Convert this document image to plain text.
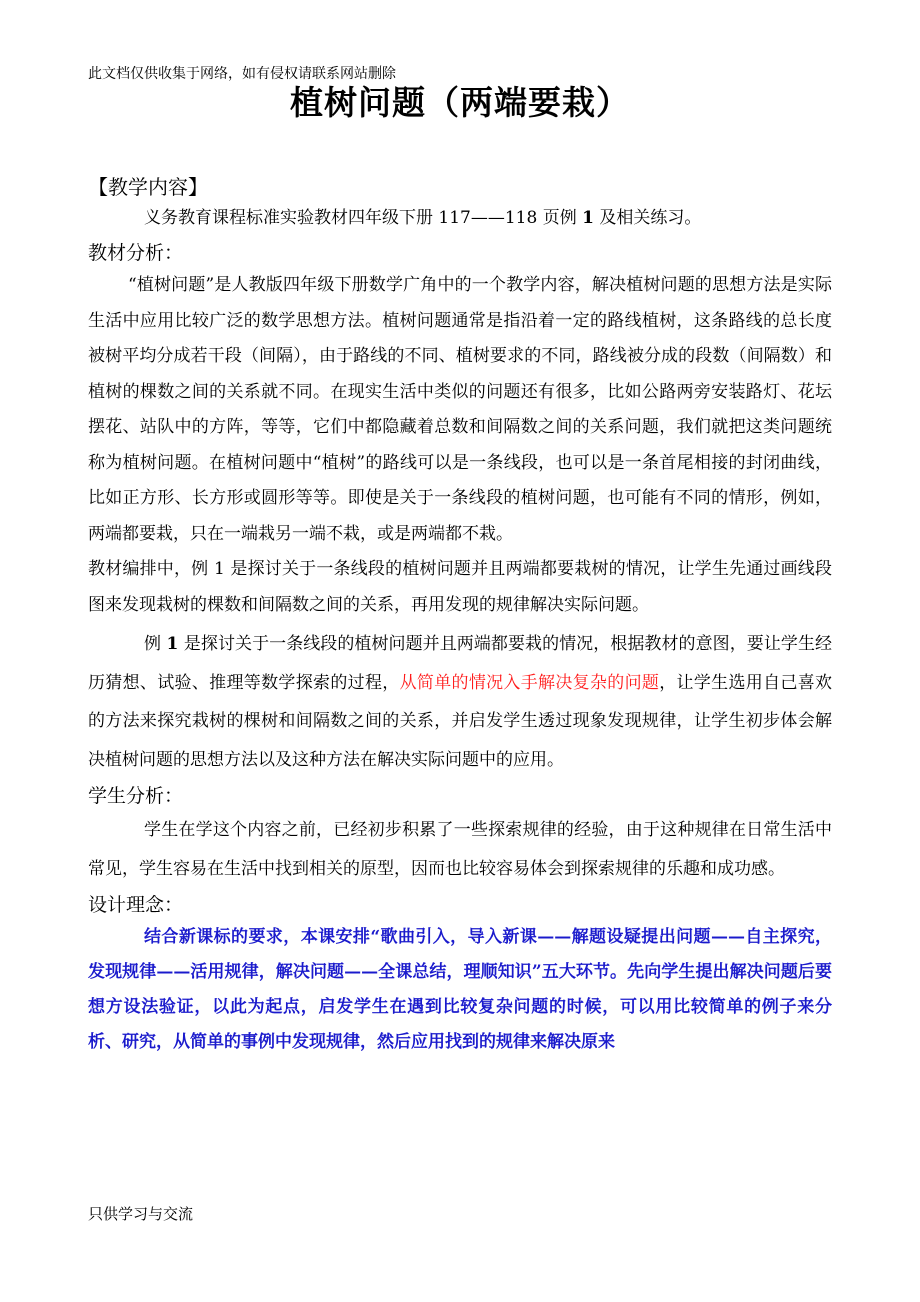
此文档仅供收集于网络，如有侵权请联系网站删除
植树问题（两端要栽）
【教学内容】

义务教育课程标准实验教材四年级下册 117——118 页例 1 及相关练习。

教材分析：

“植树问题”是人教版四年级下册数学广角中的一个教学内容，解决植树问题的思想方法是实际生活中应用比较广泛的数学思想方法。植树问题通常是指沿着一定的路线植树，这条路线的总长度被树平均分成若干段（间隔），由于路线的不同、植树要求的不同，路线被分成的段数（间隔数）和植树的棵数之间的关系就不同。在现实生活中类似的问题还有很多，比如公路两旁安装路灯、花坛摆花、站队中的方阵，等等，它们中都隐藏着总数和间隔数之间的关系问题，我们就把这类问题统称为植树问题。在植树问题中“植树”的路线可以是一条线段，也可以是一条首尾相接的封闭曲线，比如正方形、长方形或圆形等等。即使是关于一条线段的植树问题，也可能有不同的情形，例如，两端都要栽，只在一端栽另一端不栽，或是两端都不栽。

教材编排中，例 1 是探讨关于一条线段的植树问题并且两端都要栽树的情况，让学生先通过画线段图来发现栽树的棵数和间隔数之间的关系，再用发现的规律解决实际问题。

例 1 是探讨关于一条线段的植树问题并且两端都要栽的情况，根据教材的意图，要让学生经历猜想、试验、推理等数学探索的过程，从简单的情况入手解决复杂的问题，让学生选用自己喜欢的方法来探究栽树的棵树和间隔数之间的关系，并启发学生透过现象发现规律，让学生初步体会解决植树问题的思想方法以及这种方法在解决实际问题中的应用。

学生分析：

学生在学这个内容之前，已经初步积累了一些探索规律的经验，由于这种规律在日常生活中常见，学生容易在生活中找到相关的原型，因而也比较容易体会到探索规律的乐趣和成功感。

设计理念：

结合新课标的要求，本课安排“歌曲引入，导入新课——解题设疑提出问题——自主探究，发现规律——活用规律，解决问题——全课总结，理顺知识”五大环节。先向学生提出解决问题后要想方设法验证，以此为起点，启发学生在遇到比较复杂问题的时候，可以用比较简单的例子来分析、研究，从简单的事例中发现规律，然后应用找到的规律来解决原来

只供学习与交流
